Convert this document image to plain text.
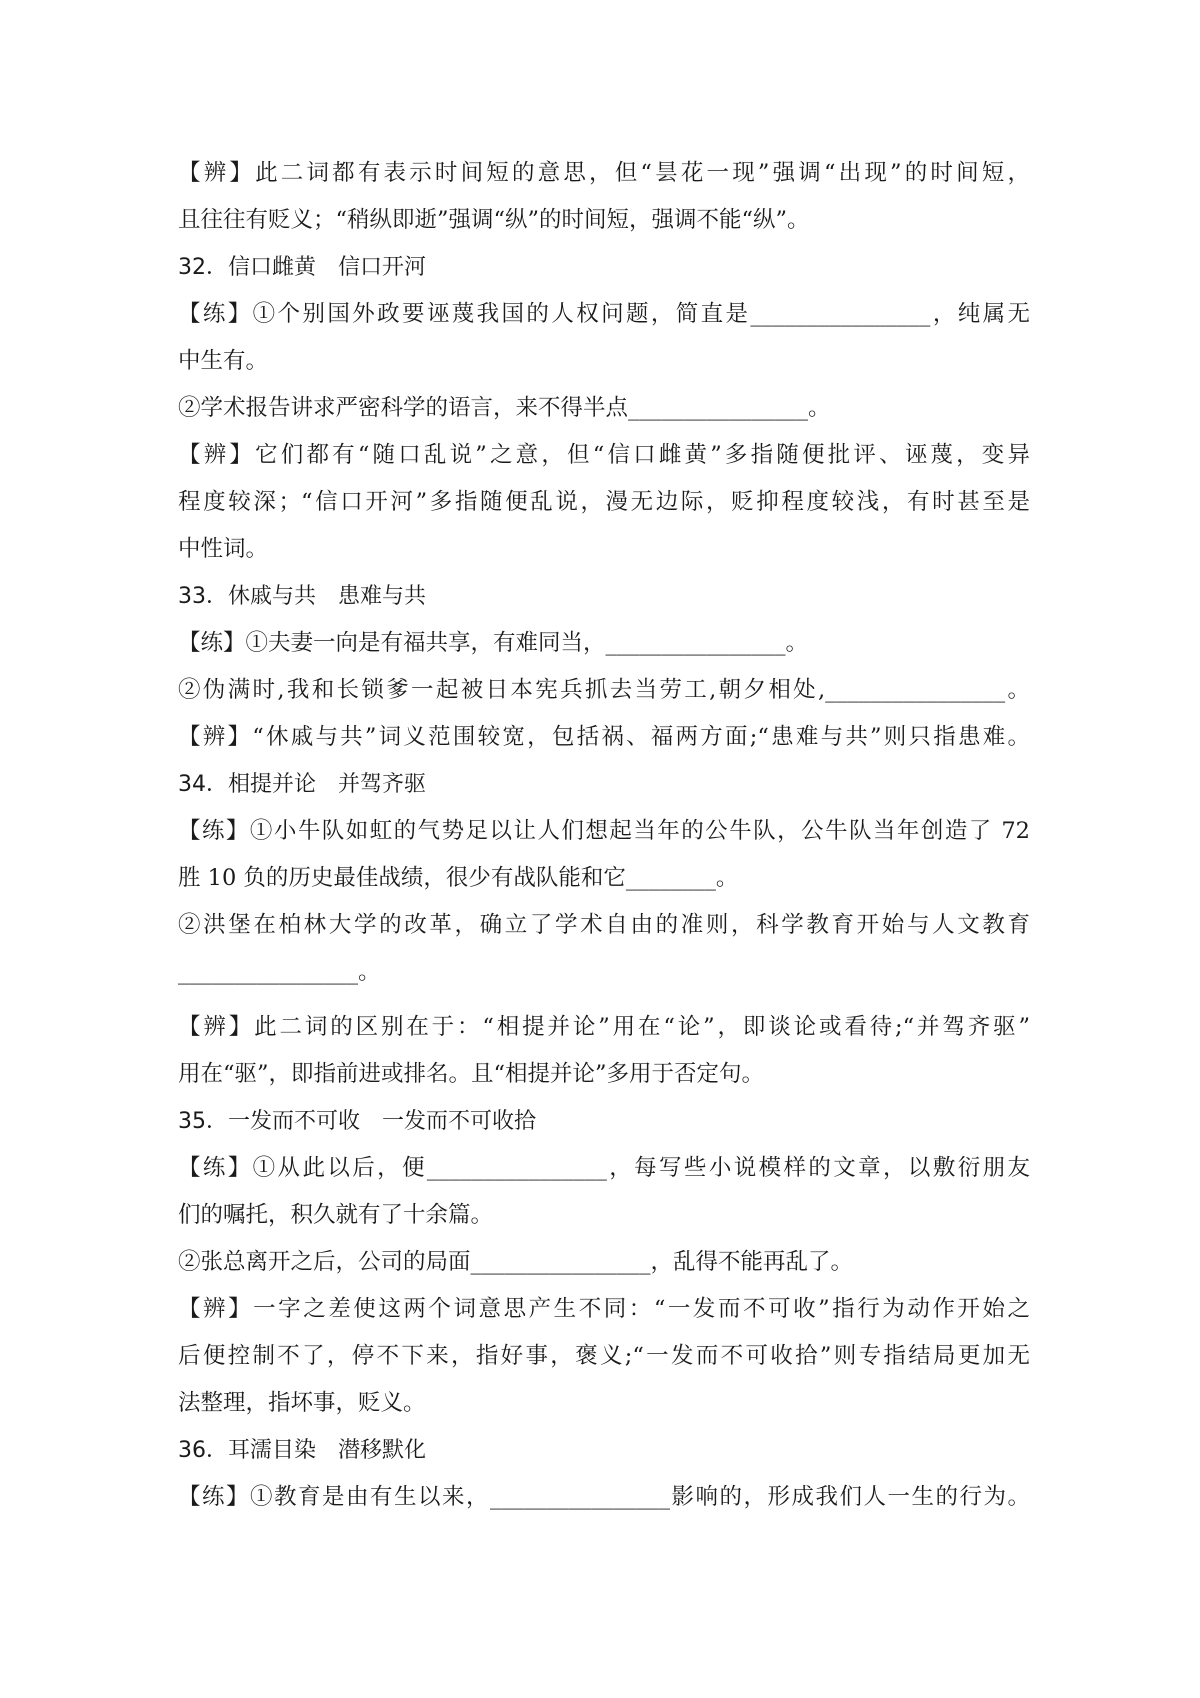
【辨】此二词都有表示时间短的意思，但“昙花一现”强调“出现”的时间短，
且往往有贬义；“稍纵即逝”强调“纵”的时间短，强调不能“纵”。
32．信口雌黄　信口开河
【练】①个别国外政要诬蔑我国的人权问题，简直是________________，纯属无
中生有。
②学术报告讲求严密科学的语言，来不得半点________________。
【辨】它们都有“随口乱说”之意，但“信口雌黄”多指随便批评、诬蔑，变异
程度较深；“信口开河”多指随便乱说，漫无边际，贬抑程度较浅，有时甚至是
中性词。
33．休戚与共　患难与共
【练】①夫妻一向是有福共享，有难同当，________________。
②伪满时,我和长锁爹一起被日本宪兵抓去当劳工,朝夕相处,________________。
【辨】“休戚与共”词义范围较宽，包括祸、福两方面;“患难与共”则只指患难。
34．相提并论　并驾齐驱
【练】①小牛队如虹的气势足以让人们想起当年的公牛队，公牛队当年创造了 72
胜 10 负的历史最佳战绩，很少有战队能和它________。
②洪堡在柏林大学的改革，确立了学术自由的准则，科学教育开始与人文教育
________________。
【辨】此二词的区别在于：“相提并论”用在“论”，即谈论或看待;“并驾齐驱”
用在“驱”，即指前进或排名。且“相提并论”多用于否定句。
35．一发而不可收　一发而不可收拾
【练】①从此以后，便________________，每写些小说模样的文章，以敷衍朋友
们的嘱托，积久就有了十余篇。
②张总离开之后，公司的局面________________，乱得不能再乱了。
【辨】一字之差使这两个词意思产生不同：“一发而不可收”指行为动作开始之
后便控制不了，停不下来，指好事，褒义;“一发而不可收拾”则专指结局更加无
法整理，指坏事，贬义。
36．耳濡目染　潜移默化
【练】①教育是由有生以来，________________影响的，形成我们人一生的行为。
